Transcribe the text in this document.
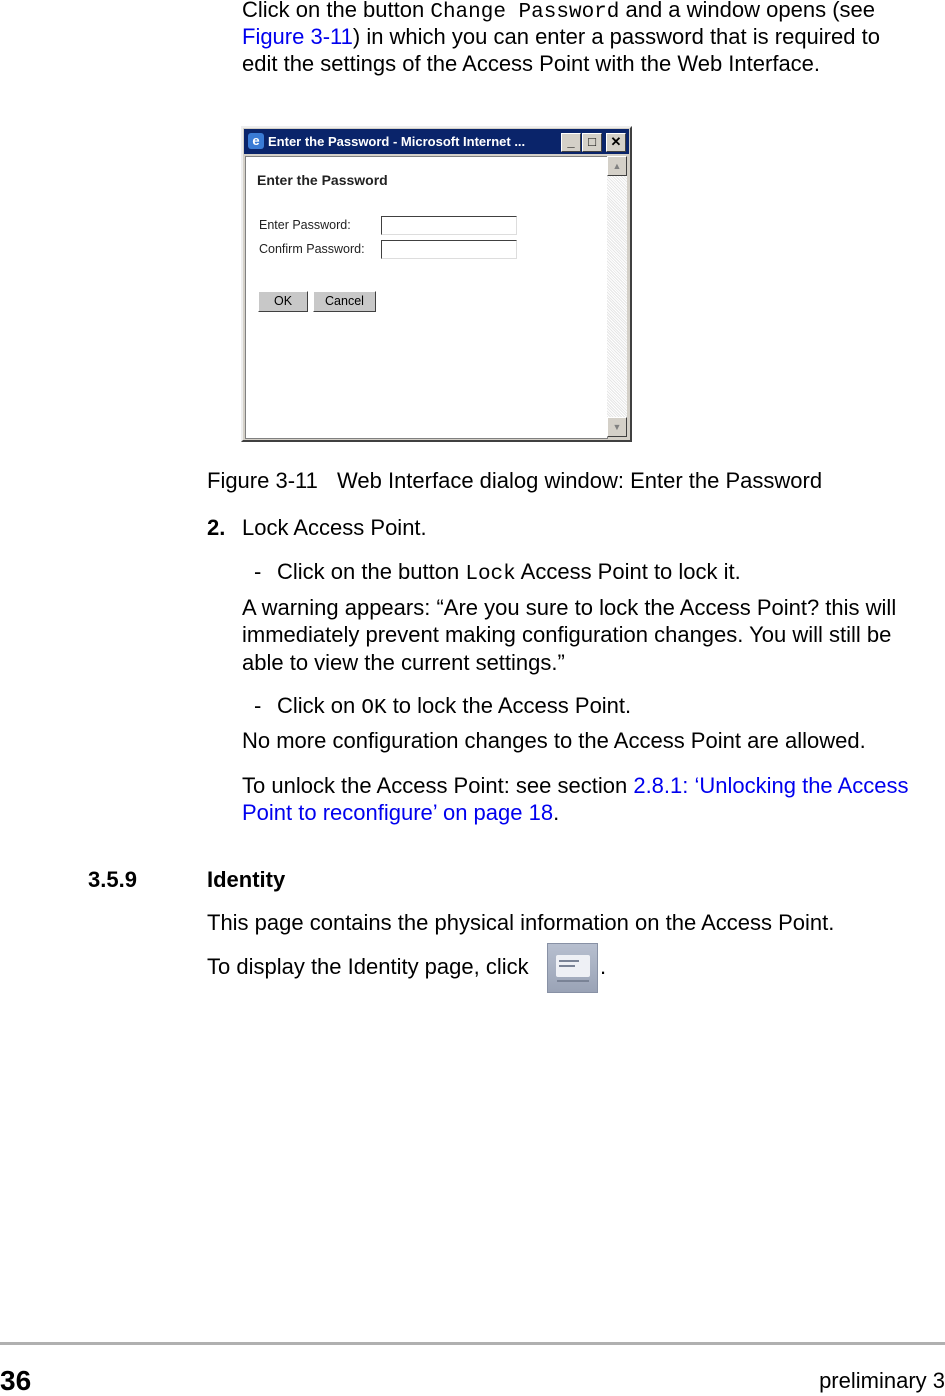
Click on the button Change Password and a window opens (see
Figure 3-11) in which you can enter a password that is required to
edit the settings of the Access Point with the Web Interface.
e Enter the Password - Microsoft Internet ...	_	□	✕
Enter the Password
Enter Password:
Confirm Password:
OK	Cancel
▲
▼
Figure 3-11 Web Interface dialog window: Enter the Password
2. Lock Access Point.
- Click on the button Lock Access Point to lock it.
A warning appears: “Are you sure to lock the Access Point? this will
immediately prevent making configuration changes. You will still be
able to view the current settings.”
- Click on OK to lock the Access Point.
No more configuration changes to the Access Point are allowed.
To unlock the Access Point: see section 2.8.1: ‘Unlocking the Access
Point to reconfigure’ on page 18.
3.5.9	Identity
This page contains the physical information on the Access Point.
To display the Identity page, click	.
36	preliminary 3
